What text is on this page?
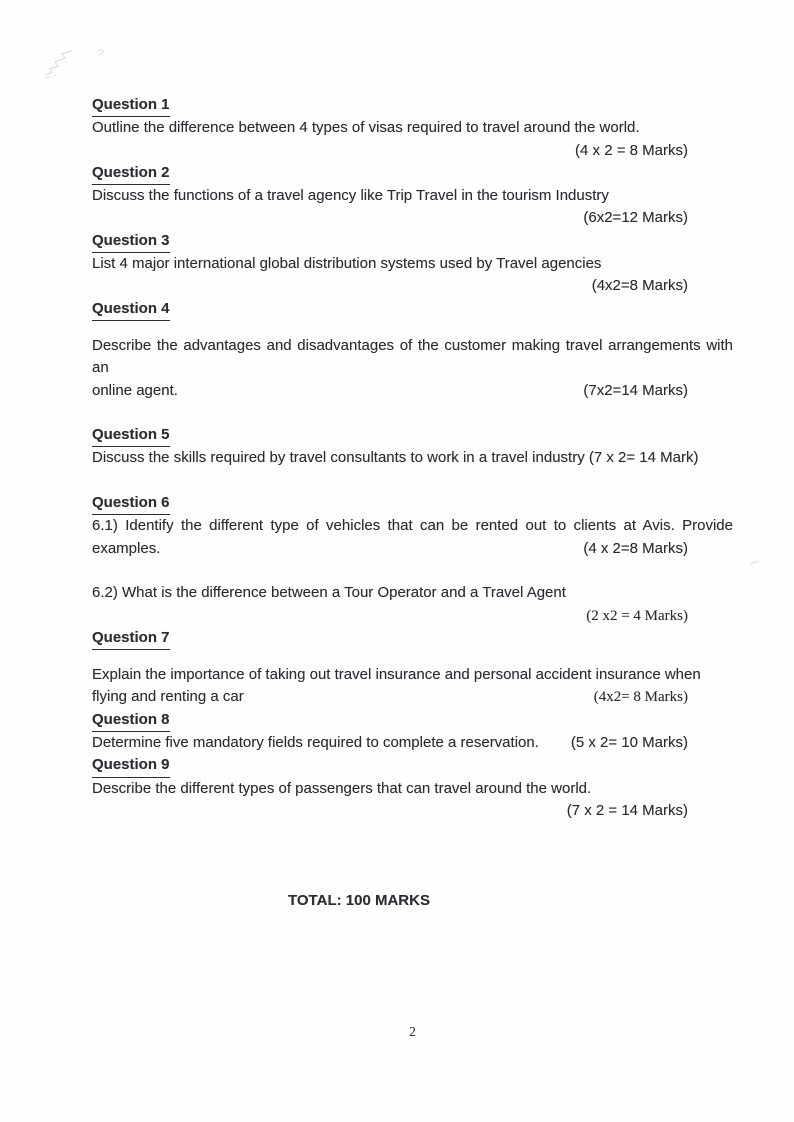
Question 1
Outline the difference between 4 types of visas required to travel around the world.
(4 x 2 = 8 Marks)
Question 2
Discuss the functions of a travel agency like Trip Travel in the tourism Industry
(6x2=12 Marks)
Question 3
List 4 major international global distribution systems used by Travel agencies
(4x2=8 Marks)
Question 4
Describe the advantages and disadvantages of the customer making travel arrangements with an
online agent.	(7x2=14 Marks)
Question 5
Discuss the skills required by travel consultants to work in a travel industry (7 x 2= 14 Mark)
Question 6
6.1) Identify the different type of vehicles that can be rented out to clients at Avis. Provide
examples.	(4 x 2=8 Marks)
6.2) What is the difference between a Tour Operator and a Travel Agent
(2 x2 = 4 Marks)
Question 7
Explain the importance of taking out travel insurance and personal accident insurance when
flying and renting a car	(4x2= 8 Marks)
Question 8
Determine five mandatory fields required to complete a reservation. (5 x 2= 10 Marks)
Question 9
Describe the different types of passengers that can travel around the world.
(7 x 2 = 14 Marks)
TOTAL: 100 MARKS
2
